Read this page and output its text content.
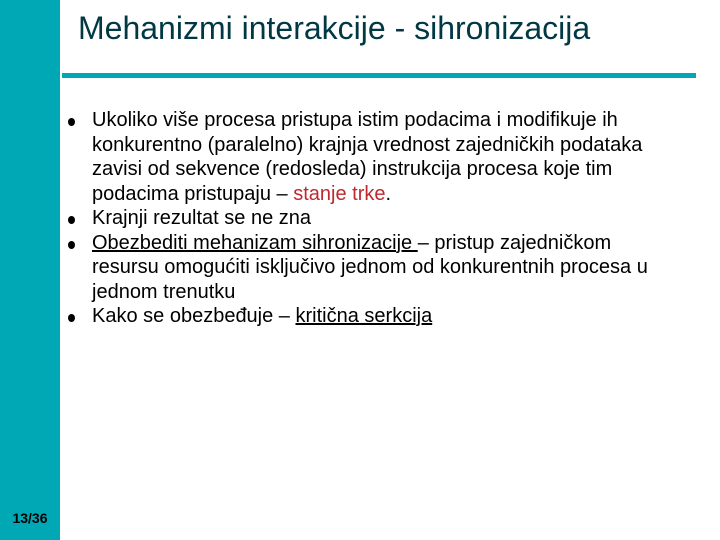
13/36
Mehanizmi interakcije - sihronizacija
Ukoliko više procesa pristupa istim podacima i modifikuje ih konkurentno (paralelno) krajnja vrednost zajedničkih podataka zavisi od sekvence (redosleda) instrukcija procesa koje tim podacima pristupaju – stanje trke.
Krajnji rezultat se ne zna
Obezbediti mehanizam sihronizacije – pristup zajedničkom resursu omogućiti isključivo jednom od konkurentnih procesa u jednom trenutku
Kako se obezbeđuje – kritična serkcija
